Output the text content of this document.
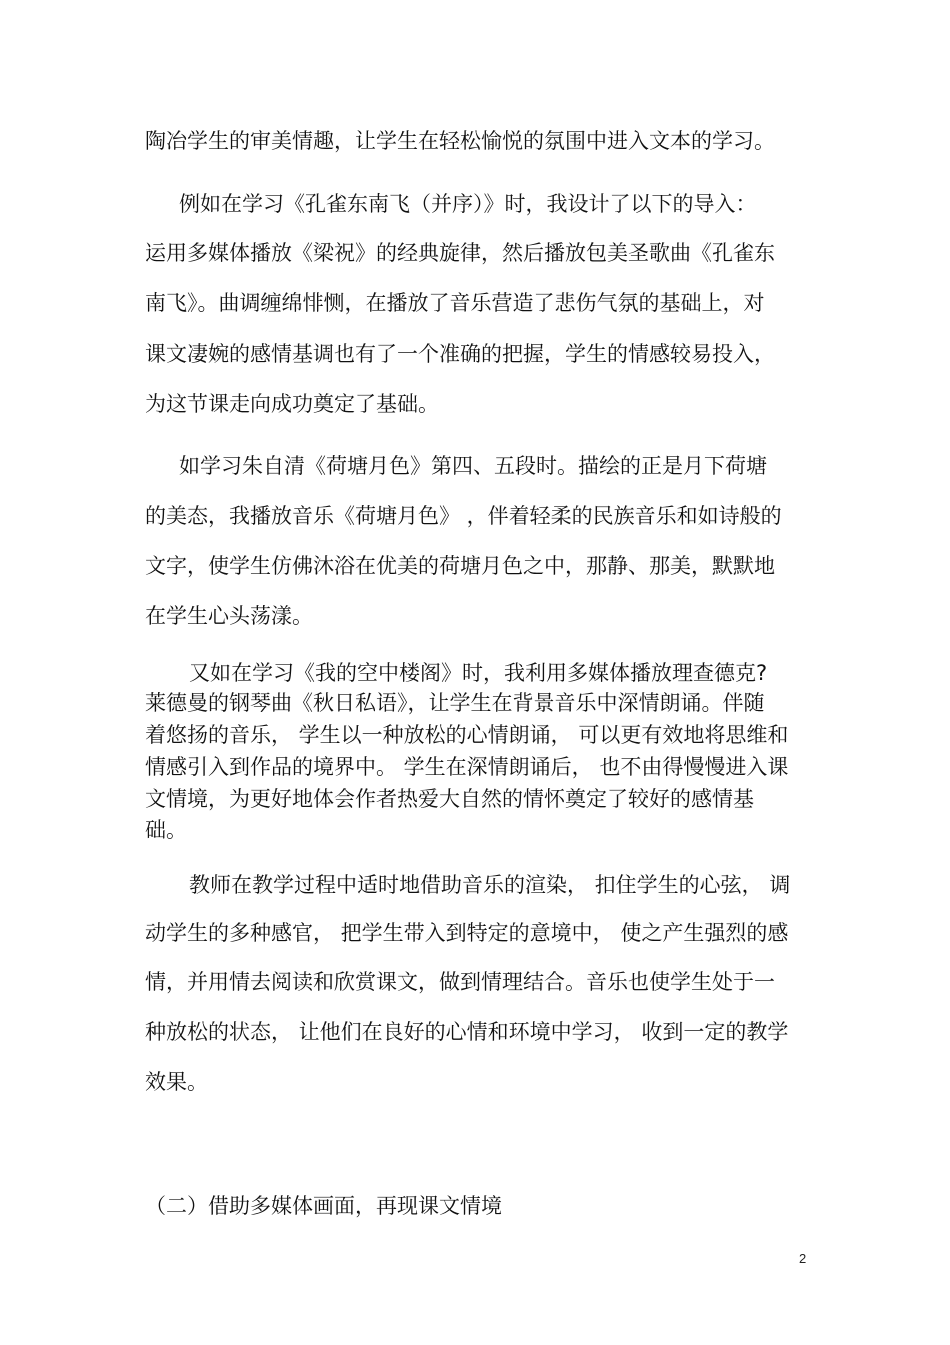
陶冶学生的审美情趣，让学生在轻松愉悦的氛围中进入文本的学习。

例如在学习《孔雀东南飞（并序）》时，我设计了以下的导入：

运用多媒体播放《梁祝》的经典旋律，然后播放包美圣歌曲《孔雀东

南飞》。曲调缠绵悱恻，在播放了音乐营造了悲伤气氛的基础上，对

课文凄婉的感情基调也有了一个准确的把握，学生的情感较易投入，

为这节课走向成功奠定了基础。

如学习朱自清《荷塘月色》第四、五段时。描绘的正是月下荷塘

的美态，我播放音乐《荷塘月色》 ，伴着轻柔的民族音乐和如诗般的

文字，使学生仿佛沐浴在优美的荷塘月色之中，那静、那美，默默地

在学生心头荡漾。

又如在学习《我的空中楼阁》时，我利用多媒体播放理查德克?

莱德曼的钢琴曲《秋日私语》，让学生在背景音乐中深情朗诵。伴随

着悠扬的音乐， 学生以一种放松的心情朗诵， 可以更有效地将思维和

情感引入到作品的境界中。 学生在深情朗诵后， 也不由得慢慢进入课

文情境，为更好地体会作者热爱大自然的情怀奠定了较好的感情基

础。

教师在教学过程中适时地借助音乐的渲染， 扣住学生的心弦， 调

动学生的多种感官， 把学生带入到特定的意境中， 使之产生强烈的感

情，并用情去阅读和欣赏课文，做到情理结合。音乐也使学生处于一

种放松的状态， 让他们在良好的心情和环境中学习， 收到一定的教学

效果。

（二）借助多媒体画面，再现课文情境

2
